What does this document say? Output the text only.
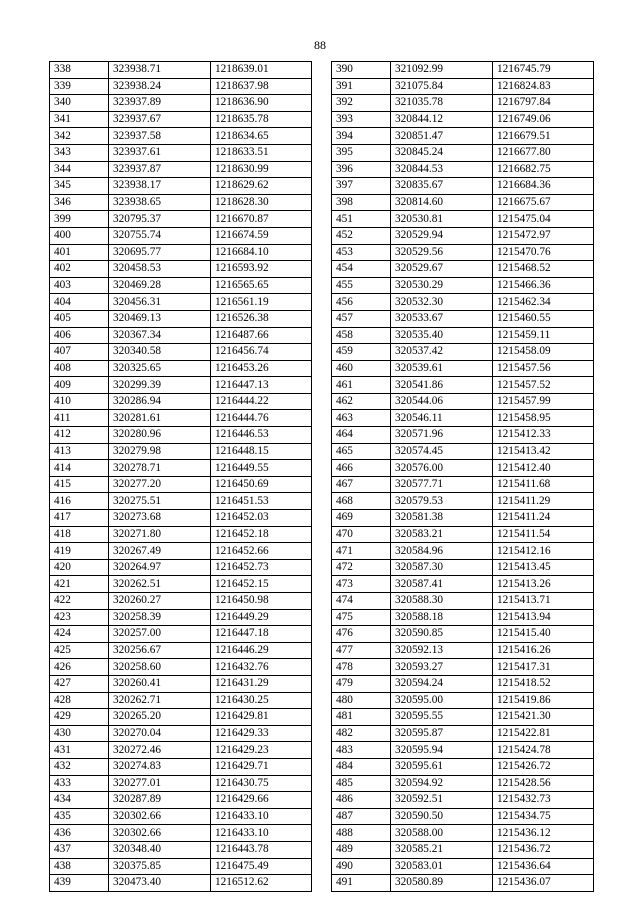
88
338	323938.71	1218639.01		390	321092.99	1216745.79
339	323938.24	1218637.98		391	321075.84	1216824.83
340	323937.89	1218636.90		392	321035.78	1216797.84
341	323937.67	1218635.78		393	320844.12	1216749.06
342	323937.58	1218634.65		394	320851.47	1216679.51
343	323937.61	1218633.51		395	320845.24	1216677.80
344	323937.87	1218630.99		396	320844.53	1216682.75
345	323938.17	1218629.62		397	320835.67	1216684.36
346	323938.65	1218628.30		398	320814.60	1216675.67
399	320795.37	1216670.87		451	320530.81	1215475.04
400	320755.74	1216674.59		452	320529.94	1215472.97
401	320695.77	1216684.10		453	320529.56	1215470.76
402	320458.53	1216593.92		454	320529.67	1215468.52
403	320469.28	1216565.65		455	320530.29	1215466.36
404	320456.31	1216561.19		456	320532.30	1215462.34
405	320469.13	1216526.38		457	320533.67	1215460.55
406	320367.34	1216487.66		458	320535.40	1215459.11
407	320340.58	1216456.74		459	320537.42	1215458.09
408	320325.65	1216453.26		460	320539.61	1215457.56
409	320299.39	1216447.13		461	320541.86	1215457.52
410	320286.94	1216444.22		462	320544.06	1215457.99
411	320281.61	1216444.76		463	320546.11	1215458.95
412	320280.96	1216446.53		464	320571.96	1215412.33
413	320279.98	1216448.15		465	320574.45	1215413.42
414	320278.71	1216449.55		466	320576.00	1215412.40
415	320277.20	1216450.69		467	320577.71	1215411.68
416	320275.51	1216451.53		468	320579.53	1215411.29
417	320273.68	1216452.03		469	320581.38	1215411.24
418	320271.80	1216452.18		470	320583.21	1215411.54
419	320267.49	1216452.66		471	320584.96	1215412.16
420	320264.97	1216452.73		472	320587.30	1215413.45
421	320262.51	1216452.15		473	320587.41	1215413.26
422	320260.27	1216450.98		474	320588.30	1215413.71
423	320258.39	1216449.29		475	320588.18	1215413.94
424	320257.00	1216447.18		476	320590.85	1215415.40
425	320256.67	1216446.29		477	320592.13	1215416.26
426	320258.60	1216432.76		478	320593.27	1215417.31
427	320260.41	1216431.29		479	320594.24	1215418.52
428	320262.71	1216430.25		480	320595.00	1215419.86
429	320265.20	1216429.81		481	320595.55	1215421.30
430	320270.04	1216429.33		482	320595.87	1215422.81
431	320272.46	1216429.23		483	320595.94	1215424.78
432	320274.83	1216429.71		484	320595.61	1215426.72
433	320277.01	1216430.75		485	320594.92	1215428.56
434	320287.89	1216429.66		486	320592.51	1215432.73
435	320302.66	1216433.10		487	320590.50	1215434.75
436	320302.66	1216433.10		488	320588.00	1215436.12
437	320348.40	1216443.78		489	320585.21	1215436.72
438	320375.85	1216475.49		490	320583.01	1215436.64
439	320473.40	1216512.62		491	320580.89	1215436.07
